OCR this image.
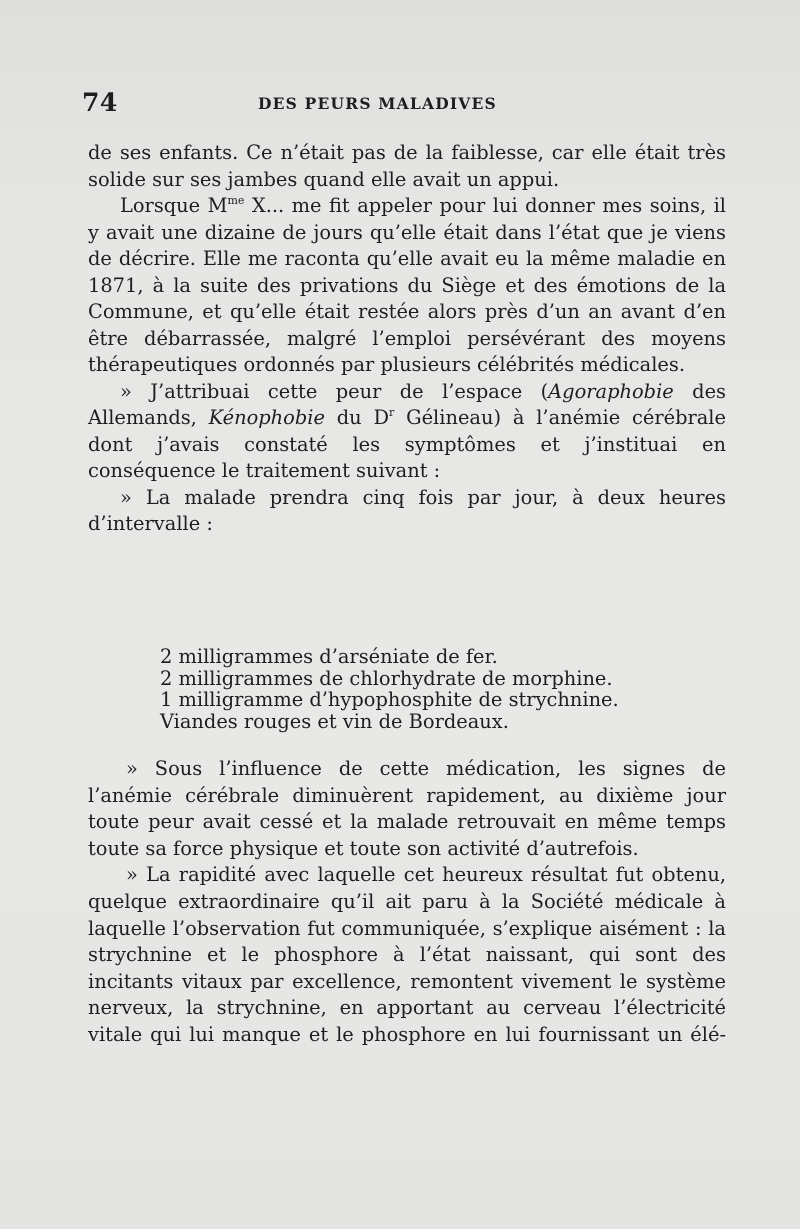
74	DES PEURS MALADIVES

de ses enfants. Ce n’était pas de la faiblesse, car elle était très solide sur ses jambes quand elle avait un appui.

Lorsque $M^{me}$ X... me fit appeler pour lui donner mes soins, il y avait une dizaine de jours qu’elle était dans l’état que je viens de décrire. Elle me raconta qu’elle avait eu la même maladie en 1871, à la suite des privations du Siège et des émotions de la Commune, et qu’elle était restée alors près d’un an avant d’en être débarrassée, malgré l’emploi persévérant des moyens thérapeutiques ordonnés par plusieurs célébrités médicales.

» J’attribuai cette peur de l’espace (Agoraphobie des Allemands, Kénophobie du $D^r$ Gélineau) à l’anémie cérébrale dont j’avais constaté les symptômes et j’instituai en conséquence le traitement suivant :

» La malade prendra cinq fois par jour, à deux heures d’intervalle :

2 milligrammes d’arséniate de fer.
2 milligrammes de chlorhydrate de morphine.
1 milligramme d’hypophosphite de strychnine.
Viandes rouges et vin de Bordeaux.

» Sous l’influence de cette médication, les signes de l’anémie cérébrale diminuèrent rapidement, au dixième jour toute peur avait cessé et la malade retrouvait en même temps toute sa force physique et toute son activité d’autrefois.

» La rapidité avec laquelle cet heureux résultat fut obtenu, quelque extraordinaire qu’il ait paru à la Société médicale à laquelle l’observation fut communiquée, s’explique aisément : la strychnine et le phosphore à l’état naissant, qui sont des incitants vitaux par excellence, remontent vivement le système nerveux, la strychnine, en apportant au cerveau l’électricité vitale qui lui manque et le phosphore en lui fournissant un élé-
